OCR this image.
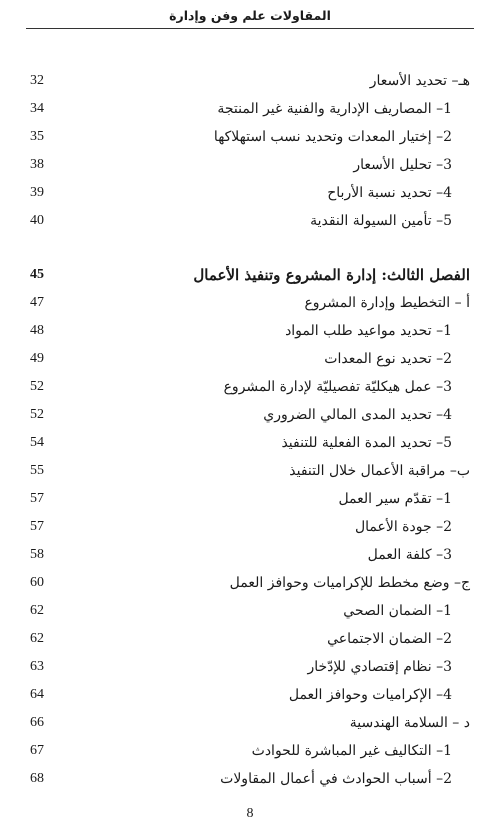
المقاولات علم وفن وإدارة
32	هـ– تحديد الأسعار
34	1– المصاريف الإدارية والفنية غير المنتجة
35	2– إختيار المعدات وتحديد نسب استهلاكها
38	3– تحليل الأسعار
39	4– تحديد نسبة الأرباح
40	5– تأمين السيولة النقدية
45	الفصل الثالث: إدارة المشروع وتنفيذ الأعمال
47	أ – التخطيط وإدارة المشروع
48	1– تحديد مواعيد طلب المواد
49	2– تحديد نوع المعدات
52	3– عمل هيكليّة تفصيليّة لإدارة المشروع
52	4– تحديد المدى المالي الضروري
54	5– تحديد المدة الفعلية للتنفيذ
55	ب– مراقبة الأعمال خلال التنفيذ
57	1– تقدّم سير العمل
57	2– جودة الأعمال
58	3– كلفة العمل
60	ج– وضع مخطط للإكراميات وحوافز العمل
62	1– الضمان الصحي
62	2– الضمان الاجتماعي
63	3– نظام إقتصادي للإدّخار
64	4– الإكراميات وحوافز العمل
66	د – السلامة الهندسية
67	1– التكاليف غير المباشرة للحوادث
68	2– أسباب الحوادث في أعمال المقاولات
8
